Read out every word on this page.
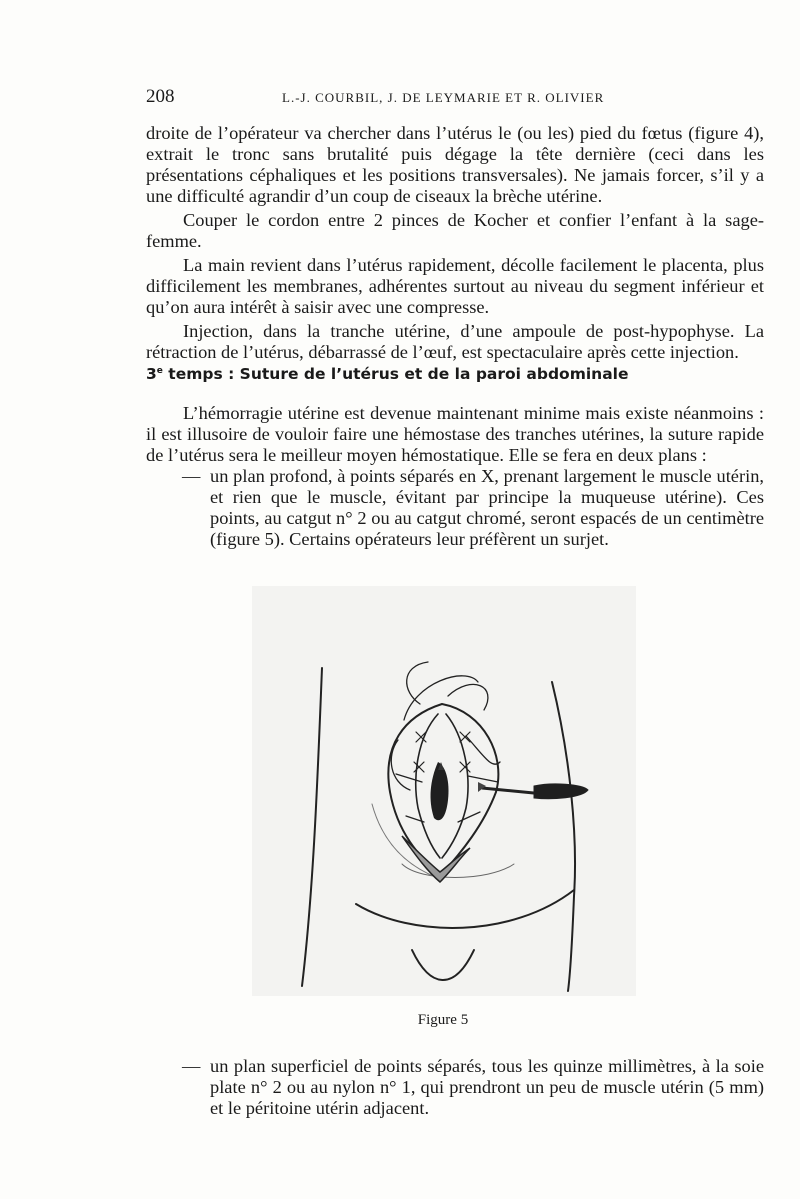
208	L.-J. COURBIL, J. DE LEYMARIE ET R. OLIVIER

droite de l’opérateur va chercher dans l’utérus le (ou les) pied du fœtus (figure 4), extrait le tronc sans brutalité puis dégage la tête dernière (ceci dans les présentations céphaliques et les positions transversales). Ne jamais forcer, s’il y a une difficulté agrandir d’un coup de ciseaux la brèche utérine.

Couper le cordon entre 2 pinces de Kocher et confier l’enfant à la sage-femme.

La main revient dans l’utérus rapidement, décolle facilement le placenta, plus difficilement les membranes, adhérentes surtout au niveau du segment inférieur et qu’on aura intérêt à saisir avec une compresse.

Injection, dans la tranche utérine, d’une ampoule de post-hypophyse. La rétraction de l’utérus, débarrassé de l’œuf, est spectaculaire après cette injection.

3e temps : Suture de l’utérus et de la paroi abdominale

L’hémorragie utérine est devenue maintenant minime mais existe néanmoins : il est illusoire de vouloir faire une hémostase des tranches utérines, la suture rapide de l’utérus sera le meilleur moyen hémostatique. Elle se fera en deux plans :

— un plan profond, à points séparés en X, prenant largement le muscle utérin, et rien que le muscle, évitant par principe la muqueuse utérine). Ces points, au catgut n° 2 ou au catgut chromé, seront espacés de un centimètre (figure 5). Certains opérateurs leur préfèrent un surjet.

Figure 5

— un plan superficiel de points séparés, tous les quinze millimètres, à la soie plate n° 2 ou au nylon n° 1, qui prendront un peu de muscle utérin (5 mm) et le péritoine utérin adjacent.
